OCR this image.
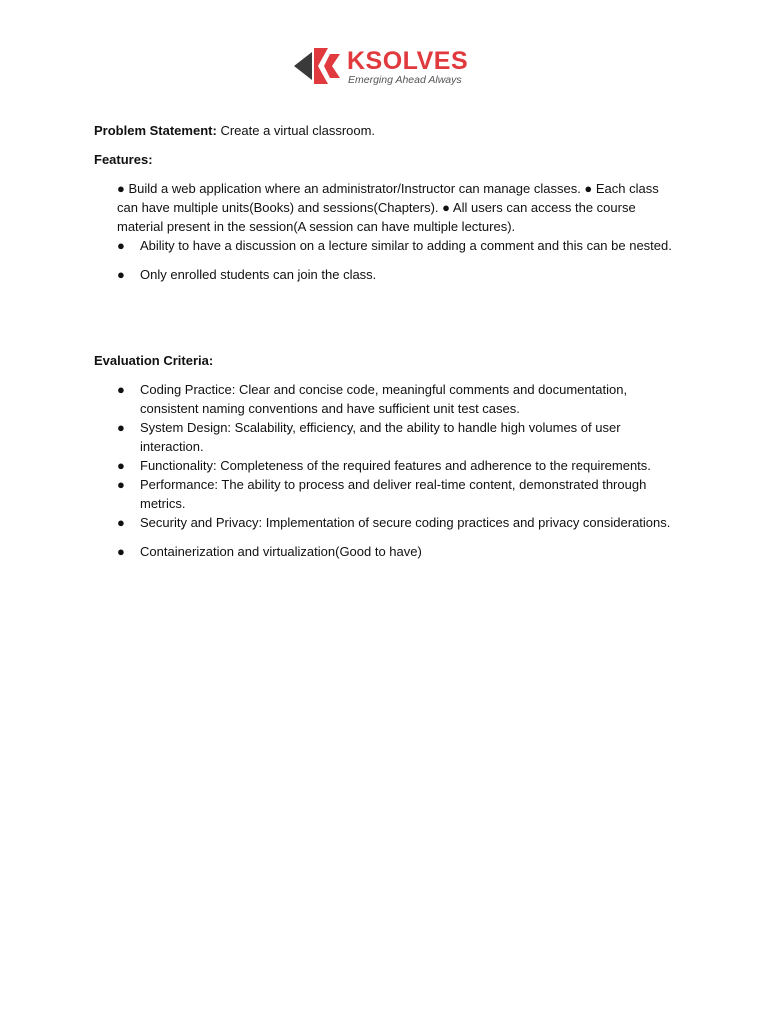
KSOLVES
Emerging Ahead Always

Problem Statement: Create a virtual classroom.

Features:

● Build a web application where an administrator/Instructor can manage classes. ● Each class can have multiple units(Books) and sessions(Chapters). ● All users can access the course material present in the session(A session can have multiple lectures).

● Ability to have a discussion on a lecture similar to adding a comment and this can be nested.
● Only enrolled students can join the class.

Evaluation Criteria:

● Coding Practice: Clear and concise code, meaningful comments and documentation, consistent naming conventions and have sufficient unit test cases.
● System Design: Scalability, efficiency, and the ability to handle high volumes of user interaction.
● Functionality: Completeness of the required features and adherence to the requirements.
● Performance: The ability to process and deliver real-time content, demonstrated through metrics.
● Security and Privacy: Implementation of secure coding practices and privacy considerations.
● Containerization and virtualization(Good to have)
